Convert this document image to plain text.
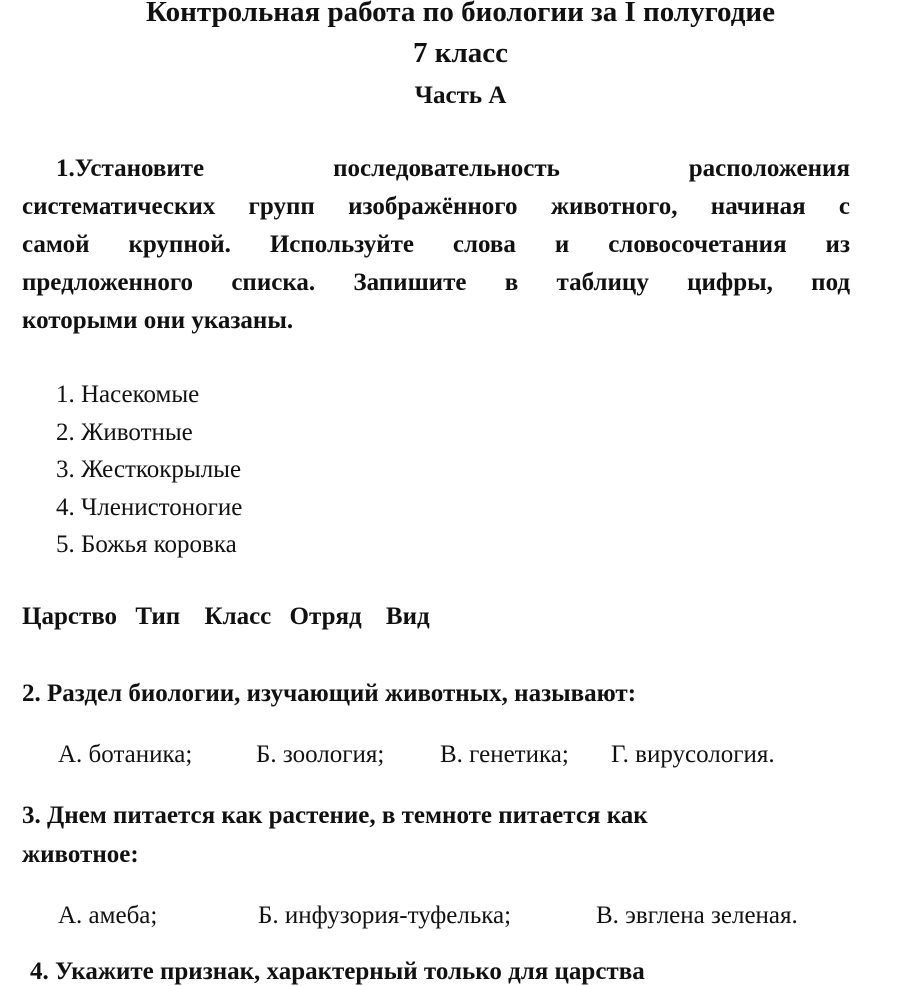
Контрольная работа по биологии за I полугодие
7 класс
Часть А
1.Установите последовательность расположения
систематических групп изображённого животного, начиная с
самой крупной. Используйте слова и словосочетания из
предложенного списка. Запишите в таблицу цифры, под
которыми они указаны.
1. Насекомые
2. Животные
3. Жесткокрылые
4. Членистоногие
5. Божья коровка
Царство Тип Класс Отряд Вид
2. Раздел биологии, изучающий животных, называют:
А. ботаника;	Б. зоология; В. генетика; Г. вирусология.
3. Днем питается как растение, в темноте питается как
животное:
А. амеба;	Б. инфузория-туфелька;	В. эвглена зеленая.
4. Укажите признак, характерный только для царства
